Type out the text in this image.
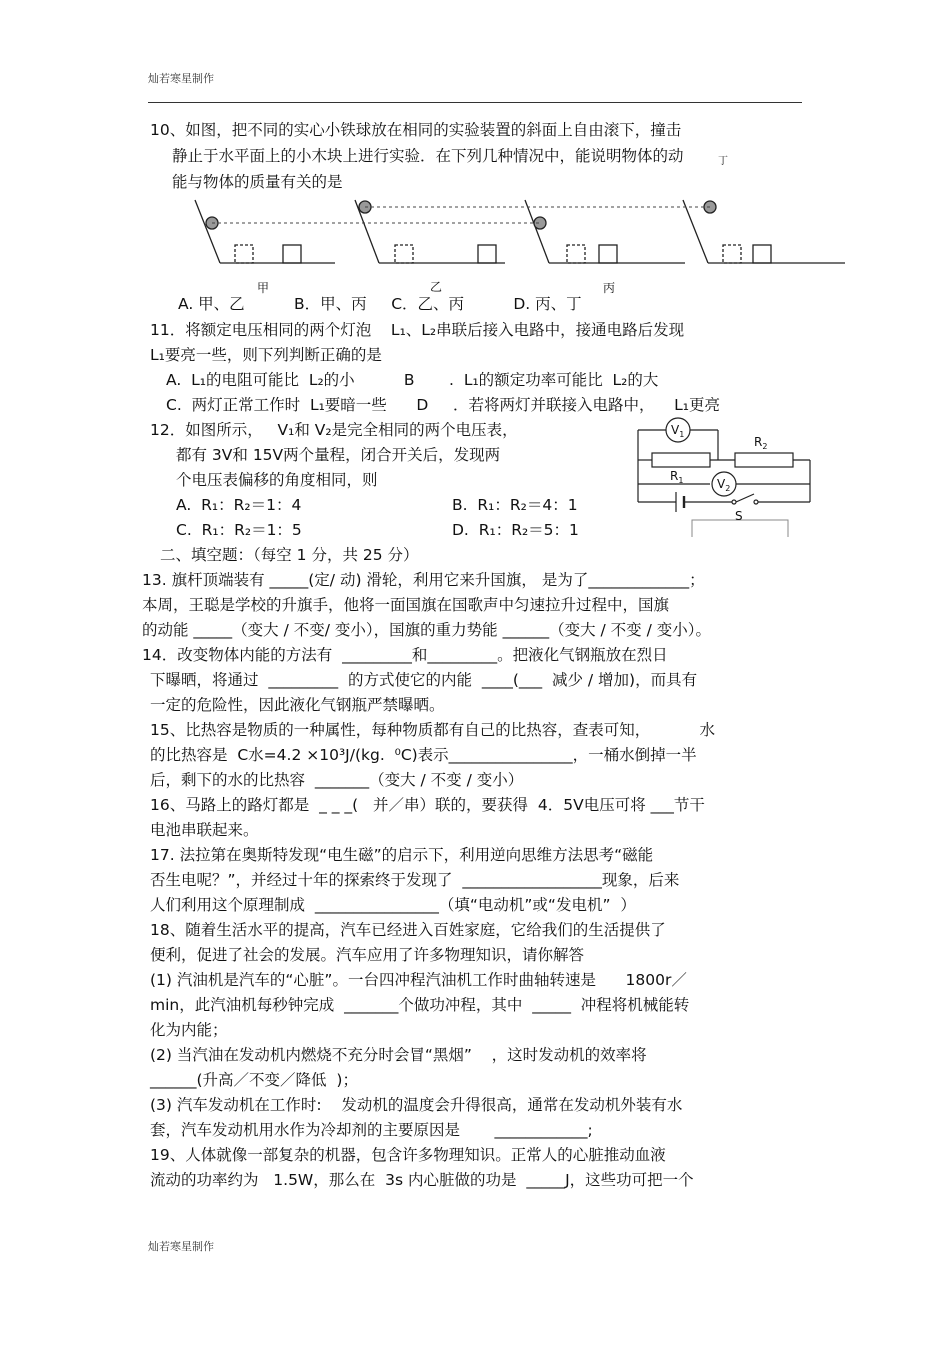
灿若寒星制作
10、如图，把不同的实心小铁球放在相同的实验装置的斜面上自由滚下，撞击
静止于水平面上的小木块上进行实验．在下列几种情况中，能说明物体的动
能与物体的质量有关的是
甲	乙	丙
丁
A. 甲、乙          B．甲、丙     C．乙、丙          D. 丙、丁
11．将额定电压相同的两个灯泡    L₁、L₂串联后接入电路中，接通电路后发现
L₁要亮一些，则下列判断正确的是
A.  L₁的电阻可能比  L₂的小          B       .  L₁的额定功率可能比  L₂的大
C.  两灯正常工作时  L₁要暗一些      D     ．若将两灯并联接入电路中，    L₁更亮
12．如图所示，   V₁和 V₂是完全相同的两个电压表，
都有 3V和 15V两个量程，闭合开关后，发现两
个电压表偏移的角度相同，则
A.  R₁：R₂＝1：4	B.  R₁：R₂＝4：1
C.  R₁：R₂＝1：5	D.  R₁：R₂＝5：1
$V_1$
$V_2$
$R_1$
$R_2$
S
二、填空题：（每空 1 分，共 25 分）
13. 旗杆顶端装有 _____(定/ 动) 滑轮，利用它来升国旗， 是为了_____________；
本周，王聪是学校的升旗手，他将一面国旗在国歌声中匀速拉升过程中，国旗
的动能 _____（变大 / 不变/ 变小），国旗的重力势能 ______（变大 / 不变 / 变小）。
14．改变物体内能的方法有  _________和_________。把液化气钢瓶放在烈日
下曝晒，将通过  _________  的方式使它的内能  ____(___  减少 / 增加)，而具有
一定的危险性，因此液化气钢瓶严禁曝晒。
15、比热容是物质的一种属性，每种物质都有自己的比热容，查表可知，          水
的比热容是  C水=4.2 ×10³J/(kg.  ⁰C)表示________________，一桶水倒掉一半
后，剩下的水的比热容  _______（变大 / 不变 / 变小）
16、马路上的路灯都是  _ _ _(   并／串）联的，要获得  4．5V电压可将 ___节干
电池串联起来。
17. 法拉第在奥斯特发现“电生磁”的启示下，利用逆向思维方法思考“磁能
否生电呢？”，并经过十年的探索终于发现了  __________________现象，后来
人们利用这个原理制成  ________________（填“电动机”或“发电机”  ）
18、随着生活水平的提高，汽车已经进入百姓家庭，它给我们的生活提供了
便利，促进了社会的发展。汽车应用了许多物理知识，请你解答
(1) 汽油机是汽车的“心脏”。一台四冲程汽油机工作时曲轴转速是      1800r／
min，此汽油机每秒钟完成  _______个做功冲程，其中  _____  冲程将机械能转
化为内能；
(2) 当汽油在发动机内燃烧不充分时会冒“黑烟”    ，这时发动机的效率将
______(升高／不变／降低  )；
(3) 汽车发动机在工作时:    发动机的温度会升得很高，通常在发动机外装有水
套，汽车发动机用水作为冷却剂的主要原因是       ____________;
19、人体就像一部复杂的机器，包含许多物理知识。正常人的心脏推动血液
流动的功率约为   1.5W，那么在  3s 内心脏做的功是  _____J，这些功可把一个
灿若寒星制作
